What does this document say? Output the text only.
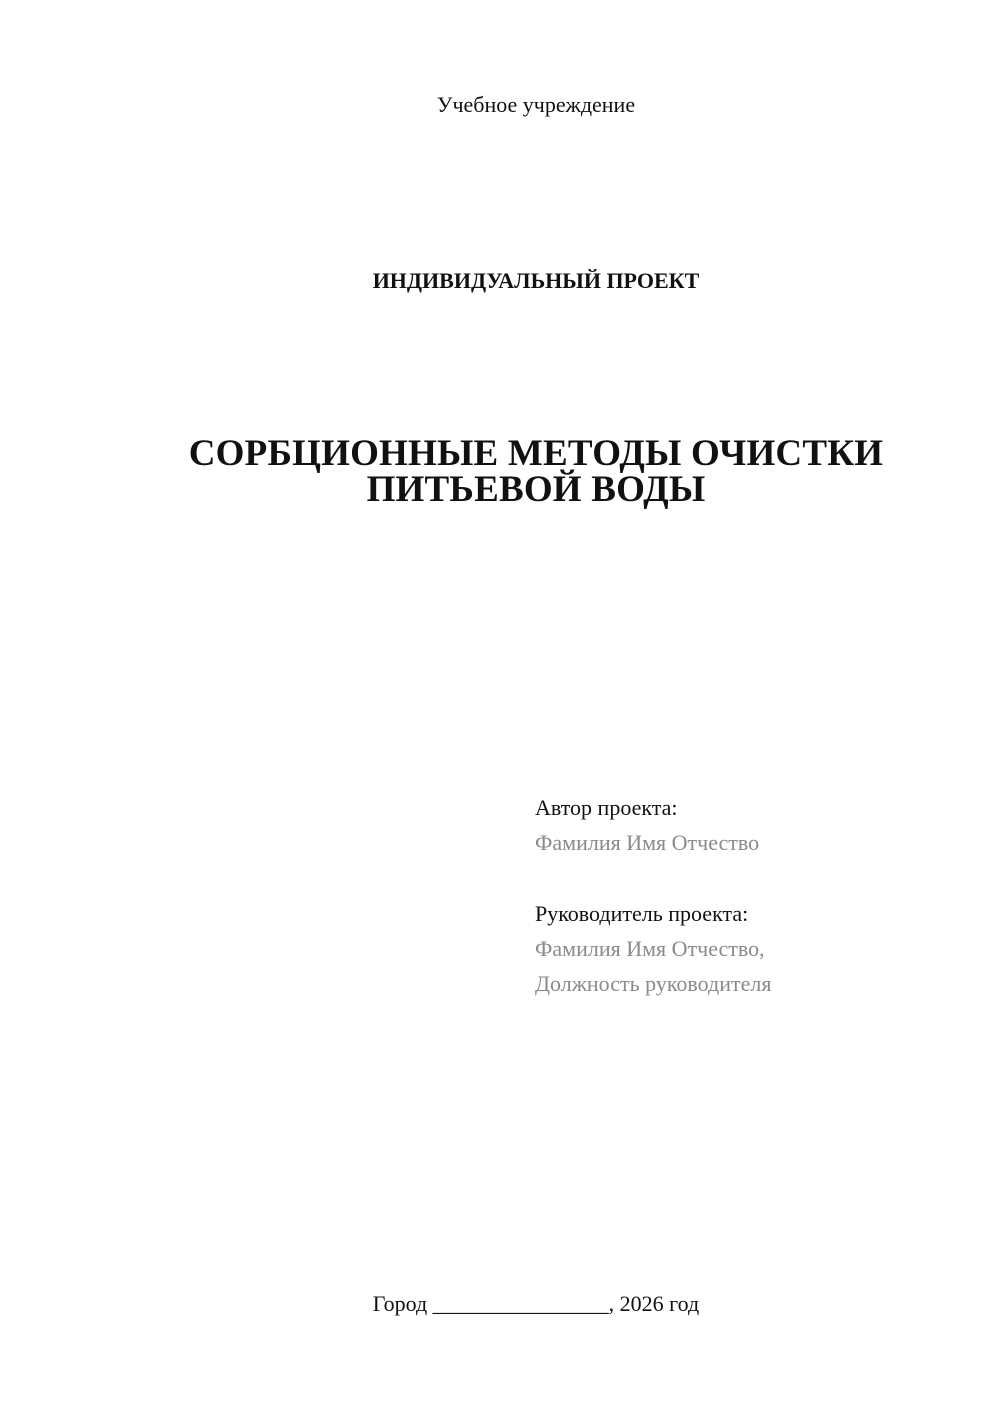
Учебное учреждение
ИНДИВИДУАЛЬНЫЙ ПРОЕКТ
СОРБЦИОННЫЕ МЕТОДЫ ОЧИСТКИ
ПИТЬЕВОЙ ВОДЫ
Автор проекта:
Фамилия Имя Отчество
Руководитель проекта:
Фамилия Имя Отчество,
Должность руководителя
Город ________________, 2026 год
